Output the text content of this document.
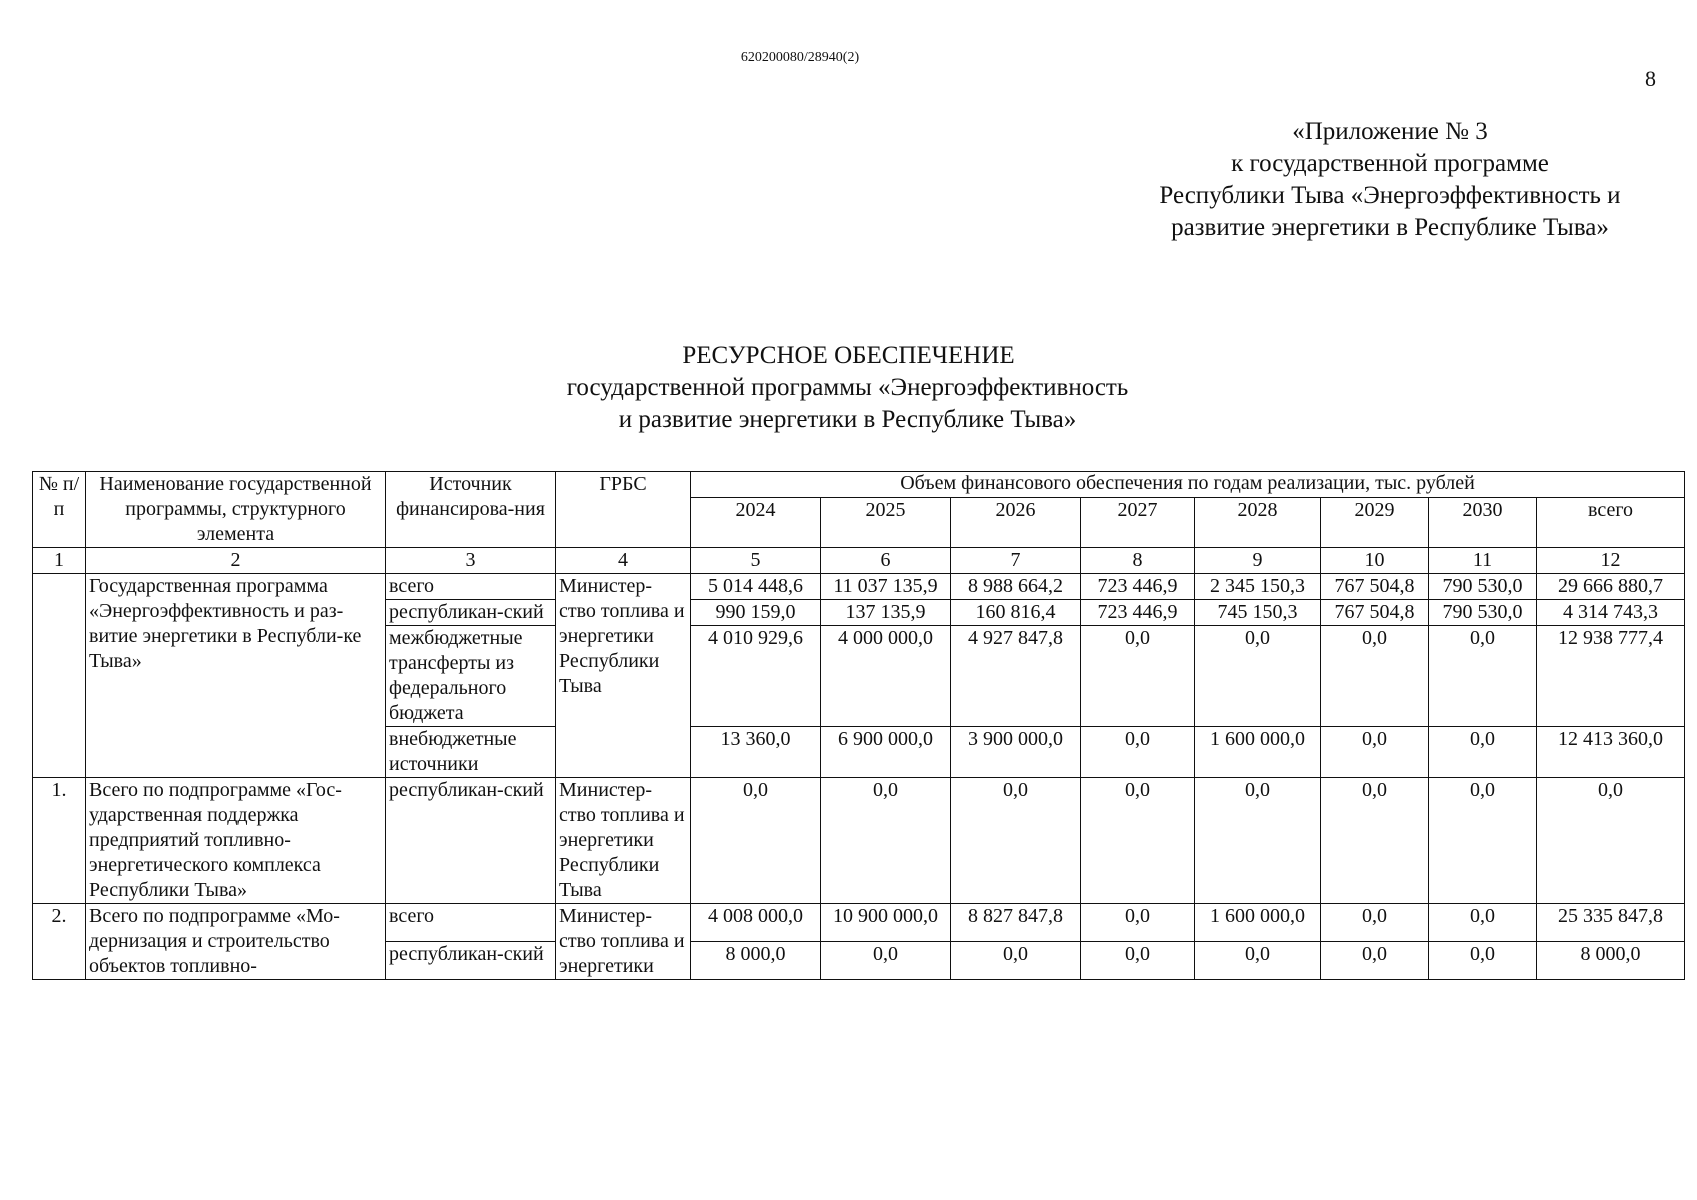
620200080/28940(2)
8
«Приложение № 3
к государственной программе
Республики Тыва «Энергоэффективность и
развитие энергетики в Республике Тыва»
РЕСУРСНОЕ ОБЕСПЕЧЕНИЕ
государственной программы «Энергоэффективность
и развитие энергетики в Республике Тыва»
№ п/п	Наименование государственной программы, структурного элемента	Источник финансирова-ния	ГРБС	Объем финансового обеспечения по годам реализации, тыс. рублей							
				2024	2025	2026	2027	2028	2029	2030	всего
1	2	3	4	5	6	7	8	9	10	11	12
	Государственная программа «Энергоэффективность и раз-витие энергетики в Республи-ке Тыва»	всего	Министер-ство топлива и энергетики Республики Тыва	5 014 448,6	11 037 135,9	8 988 664,2	723 446,9	2 345 150,3	767 504,8	790 530,0	29 666 880,7
		республикан-ский		990 159,0	137 135,9	160 816,4	723 446,9	745 150,3	767 504,8	790 530,0	4 314 743,3
		межбюджетные трансферты из федерального бюджета		4 010 929,6	4 000 000,0	4 927 847,8	0,0	0,0	0,0	0,0	12 938 777,4
		внебюджетные источники		13 360,0	6 900 000,0	3 900 000,0	0,0	1 600 000,0	0,0	0,0	12 413 360,0
1.	Всего по подпрограмме «Гос-ударственная поддержка предприятий топливно-энергетического комплекса Республики Тыва»	республикан-ский	Министер-ство топлива и энергетики Республики Тыва	0,0	0,0	0,0	0,0	0,0	0,0	0,0	0,0
2.	Всего по подпрограмме «Мо-дернизация и строительство объектов топливно-	всего	Министер-ство топлива и энергетики	4 008 000,0	10 900 000,0	8 827 847,8	0,0	1 600 000,0	0,0	0,0	25 335 847,8
		республикан-ский		8 000,0	0,0	0,0	0,0	0,0	0,0	0,0	8 000,0
